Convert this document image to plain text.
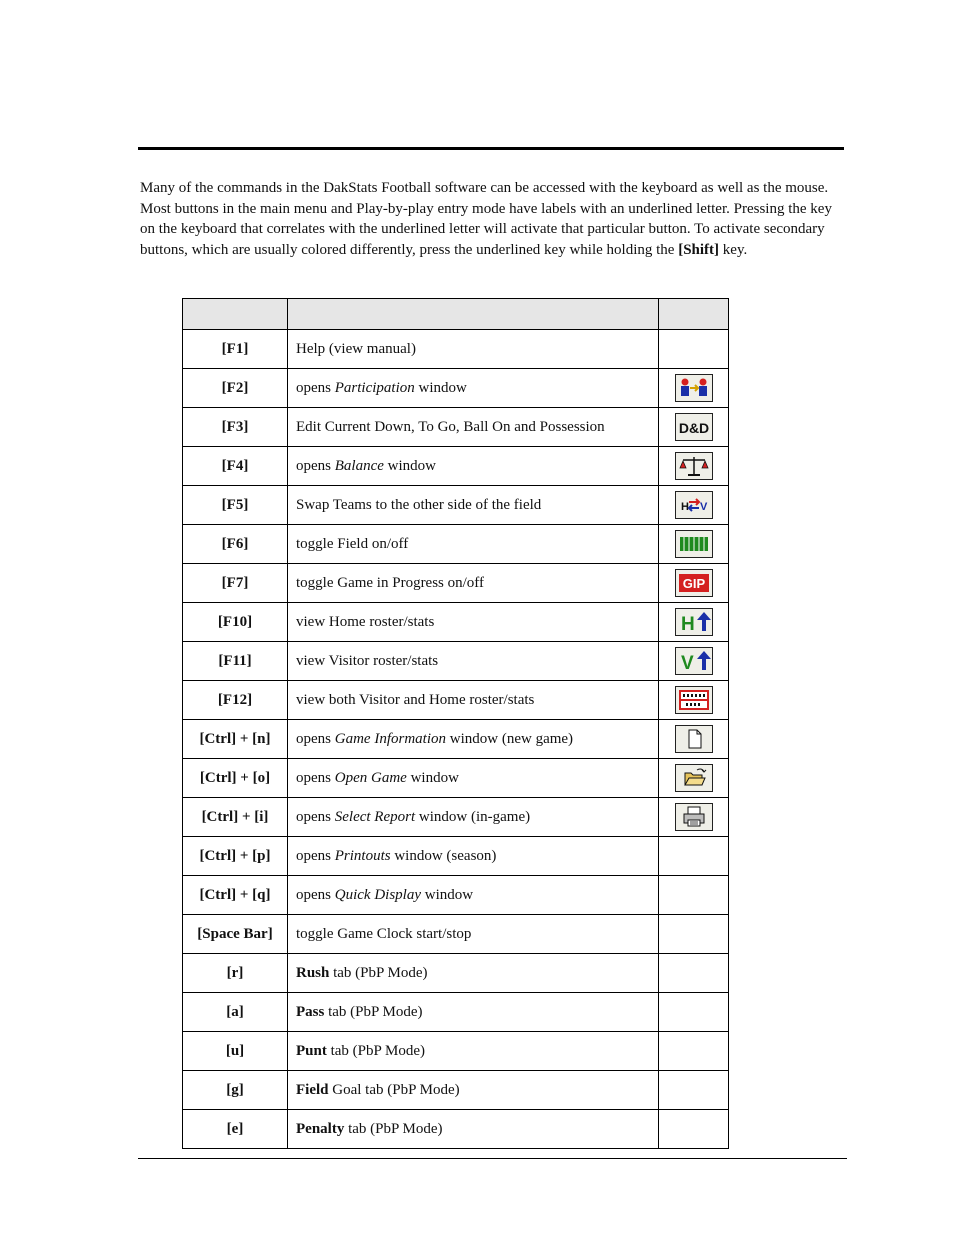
Many of the commands in the DakStats Football software can be accessed with the keyboard as well as the mouse. Most buttons in the main menu and Play-by-play entry mode have labels with an underlined letter. Pressing the key on the keyboard that correlates with the underlined letter will activate that particular button. To activate secondary buttons, which are usually colored differently, press the underlined key while holding the [Shift] key.

[F1]	Help (view manual)	
[F2]	opens Participation window	

[F3]	Edit Current Down, To Go, Ball On and Possession	D&D

[F4]	opens Balance window	

[F5]	Swap Teams to the other side of the field	H V

[F6]	toggle Field on/off	

[F7]	toggle Game in Progress on/off	GIP

[F10]	view Home roster/stats	H

[F11]	view Visitor roster/stats	V

[F12]	view both Visitor and Home roster/stats	

[Ctrl] + [n]	opens Game Information window (new game)	

[Ctrl] + [o]	opens Open Game window	

[Ctrl] + [i]	opens Select Report window (in-game)	

[Ctrl] + [p]	opens Printouts window (season)	
[Ctrl] + [q]	opens Quick Display window	
[Space Bar]	toggle Game Clock start/stop	
[r]	Rush tab (PbP Mode)	
[a]	Pass tab (PbP Mode)	
[u]	Punt tab (PbP Mode)	
[g]	Field Goal tab (PbP Mode)	
[e]	Penalty tab (PbP Mode)	
